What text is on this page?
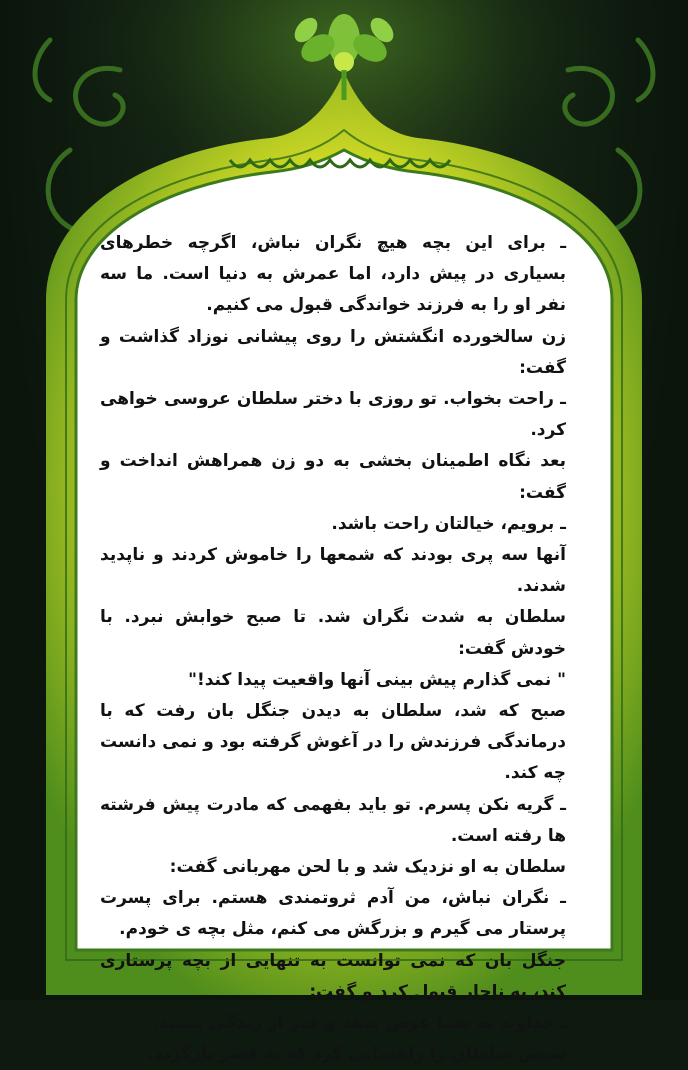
ـ برای این بچه هیچ نگران نباش، اگرچه خطرهای بسیاری در پیش دارد، اما عمرش به دنیا است. ما سه نفر او را به فرزند خواندگی قبول می کنیم.

زن سالخورده انگشتش را روی پیشانی نوزاد گذاشت و گفت:

ـ راحت بخواب. تو روزی با دختر سلطان عروسی خواهی کرد.

بعد نگاه اطمینان بخشی به دو زن همراهش انداخت و گفت:

ـ برویم، خیالتان راحت باشد.

آنها سه پری بودند که شمعها را خاموش کردند و ناپدید شدند.

سلطان به شدت نگران شد. تا صبح خوابش نبرد. با خودش گفت:

" نمی گذارم پیش بینی آنها واقعیت پیدا کند!"

صبح که شد، سلطان به دیدن جنگل بان رفت که با درماندگی فرزندش را در آغوش گرفته بود و نمی دانست چه کند.

ـ گریه نکن پسرم. تو باید بفهمی که مادرت پیش فرشته ها رفته است.

سلطان به او نزدیک شد و با لحن مهربانی گفت:

ـ نگران نباش، من آدم ثروتمندی هستم. برای پسرت پرستار می گیرم و بزرگش می کنم، مثل بچه ی خودم.

جنگل بان که نمی توانست به تنهایی از بچه پرستاری کند، به ناچار قبول کرد و گفت:

ـ خداوند به شما عوض بدهد و خیر از زندگی ببینید.

سپس سلطان را راهنمایی کرد که به قصر بازگردد.
